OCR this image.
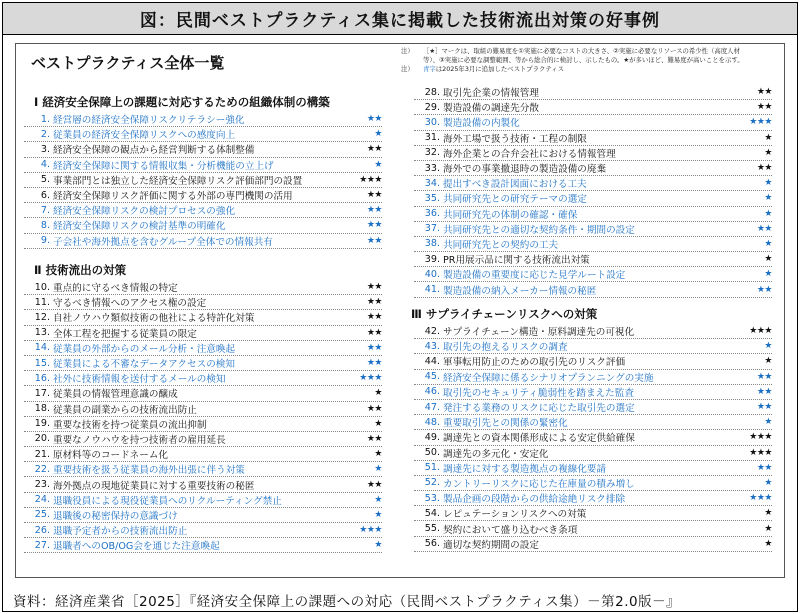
図：民間ベストプラクティス集に掲載した技術流出対策の好事例
ベストプラクティス全体一覧
注）	［★］マークは、取組の難易度を①実施に必要なコストの大きさ、②実施に必要なリソースの希少性（高度人材
等）、③実施に必要な調整範囲、等から総合的に検討し、示したもの。★が多いほど、難易度が高いことを示す。
注）	青字は2025年3月に追加したベストプラクティス
Ⅰ 経済安全保障上の課題に対応するための組織体制の構築
1. 経営層の経済安全保障リスクリテラシー強化	★★
2. 従業員の経済安全保障リスクへの感度向上	★
3. 経済安全保障の観点から経営判断する体制整備	★★
4. 経済安全保障に関する情報収集・分析機能の立上げ	★
5. 事業部門とは独立した経済安全保障リスク評価部門の設置	★★★
6. 経済安全保障リスク評価に関する外部の専門機関の活用	★★
7. 経済安全保障リスクの検討プロセスの強化	★★
8. 経済安全保障リスクの検討基準の明確化	★★
9. 子会社や海外拠点を含むグループ全体での情報共有	★★
Ⅱ 技術流出の対策
10. 重点的に守るべき情報の特定	★★
11. 守るべき情報へのアクセス権の設定	★★
12. 自社ノウハウ類似技術の他社による特許化対策	★★
13. 全体工程を把握する従業員の限定	★★
14. 従業員の外部からのメール分析・注意喚起	★★
15. 従業員による不審なデータアクセスの検知	★★
16. 社外に技術情報を送付するメールの検知	★★★
17. 従業員の情報管理意識の醸成	★
18. 従業員の副業からの技術流出防止	★★
19. 重要な技術を持つ従業員の流出抑制	★
20. 重要なノウハウを持つ技術者の雇用延長	★★
21. 原材料等のコードネーム化	★
22. 重要技術を扱う従業員の海外出張に伴う対策	★
23. 海外拠点の現地従業員に対する重要技術の秘匿	★★
24. 退職役員による現役従業員へのリクルーティング禁止	★
25. 退職後の秘密保持の意識づけ	★
26. 退職予定者からの技術流出防止	★★★
27. 退職者へのOB/OG会を通じた注意喚起	★
28. 取引先企業の情報管理	★★
29. 製造設備の調達先分散	★★
30. 製造設備の内製化	★★★
31. 海外工場で扱う技術・工程の制限	★
32. 海外企業との合弁会社における情報管理	★
33. 海外での事業撤退時の製造設備の廃棄	★★
34. 提出すべき設計図面における工夫	★
35. 共同研究先との研究テーマの選定	★
36. 共同研究先の体制の確認・確保	★
37. 共同研究先との適切な契約条件・期間の設定	★★
38. 共同研究先との契約の工夫	★
39. PR用展示品に関する技術流出対策	★
40. 製造設備の重要度に応じた見学ルート設定	★
41. 製造設備の納入メーカー情報の秘匿	★★
Ⅲ サプライチェーンリスクへの対策
42. サプライチェーン構造・原料調達先の可視化	★★★
43. 取引先の抱えるリスクの調査	★
44. 軍事転用防止のための取引先のリスク評価	★
45. 経済安全保障に係るシナリオプランニングの実施	★★
46. 取引先のセキュリティ脆弱性を踏まえた監査	★★
47. 発注する業務のリスクに応じた取引先の選定	★★
48. 重要取引先との関係の緊密化	★
49. 調達先との資本関係形成による安定供給確保	★★★
50. 調達先の多元化・安定化	★★★
51. 調達先に対する製造拠点の複線化要請	★★
52. カントリーリスクに応じた在庫量の積み増し	★
53. 製品企画の段階からの供給途絶リスク排除	★★★
54. レピュテーションリスクへの対策	★
55. 契約において盛り込むべき条項	★
56. 適切な契約期間の設定	★
資料：経済産業省［2025］『経済安全保障上の課題への対応（民間ベストプラクティス集）－第2.0版－』
